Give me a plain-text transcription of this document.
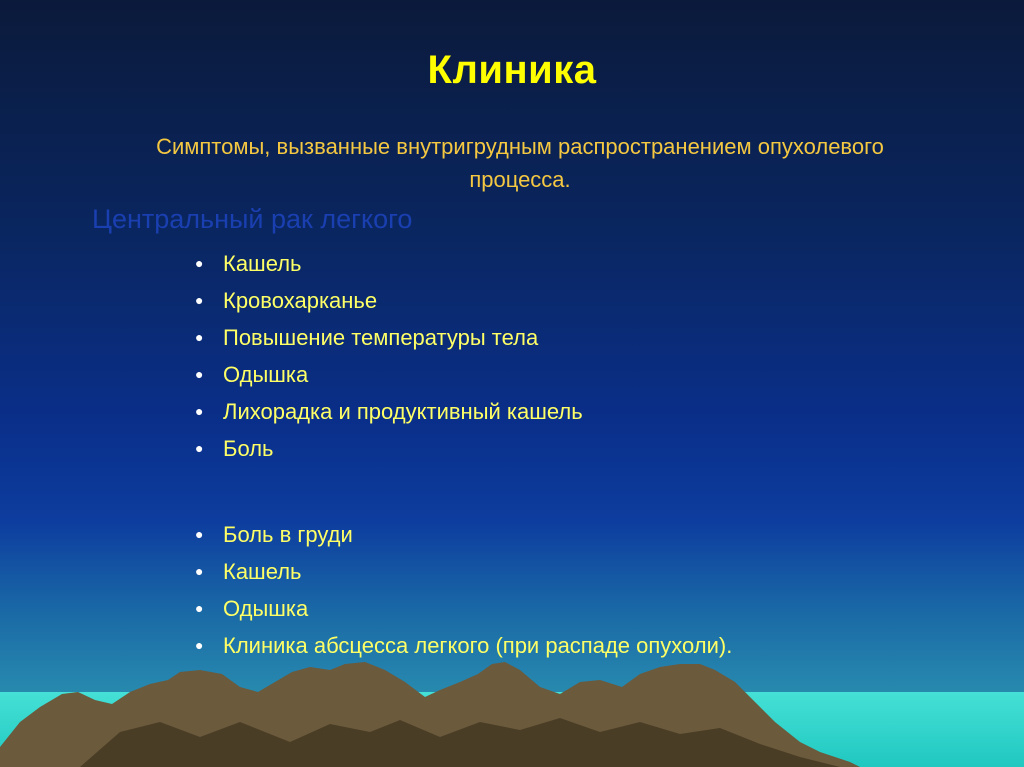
Клиника
Симптомы, вызванные внутригрудным распространением опухолевого процесса.
Центральный рак легкого
● Кашель
● Кровохарканье
● Повышение температуры тела
● Одышка
● Лихорадка и продуктивный кашель
● Боль
● Боль в груди
● Кашель
● Одышка
● Клиника абсцесса легкого (при распаде опухоли).
